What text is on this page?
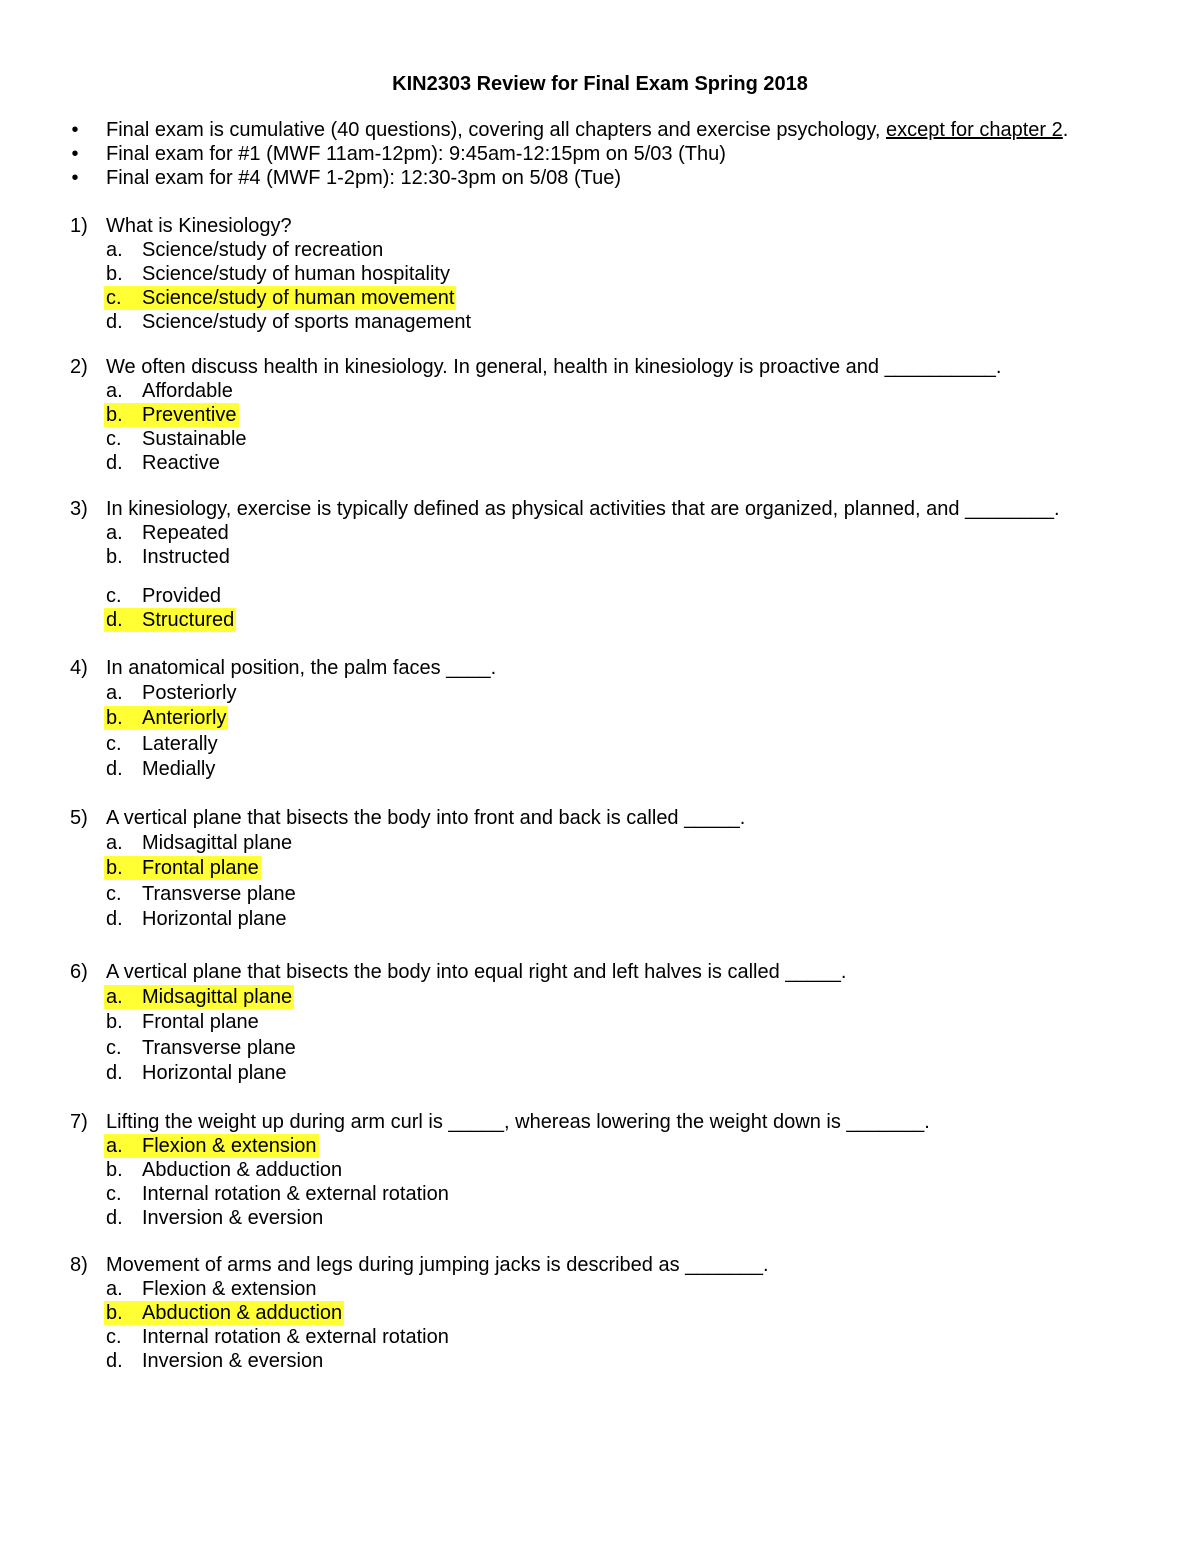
KIN2303 Review for Final Exam Spring 2018
• Final exam is cumulative (40 questions), covering all chapters and exercise psychology, except for chapter 2.
• Final exam for #1 (MWF 11am-12pm): 9:45am-12:15pm on 5/03 (Thu)
• Final exam for #4 (MWF 1-2pm): 12:30-3pm on 5/08 (Tue)
1) What is Kinesiology?
a. Science/study of recreation
b. Science/study of human hospitality
c. Science/study of human movement
d. Science/study of sports management
2) We often discuss health in kinesiology. In general, health in kinesiology is proactive and __________.
a. Affordable
b. Preventive
c. Sustainable
d. Reactive
3) In kinesiology, exercise is typically defined as physical activities that are organized, planned, and ________.
a. Repeated
b. Instructed
c. Provided
d. Structured
4) In anatomical position, the palm faces ____.
a. Posteriorly
b. Anteriorly
c. Laterally
d. Medially
5) A vertical plane that bisects the body into front and back is called _____.
a. Midsagittal plane
b. Frontal plane
c. Transverse plane
d. Horizontal plane
6) A vertical plane that bisects the body into equal right and left halves is called _____.
a. Midsagittal plane
b. Frontal plane
c. Transverse plane
d. Horizontal plane
7) Lifting the weight up during arm curl is _____, whereas lowering the weight down is _______.
a. Flexion & extension
b. Abduction & adduction
c. Internal rotation & external rotation
d. Inversion & eversion
8) Movement of arms and legs during jumping jacks is described as _______.
a. Flexion & extension
b. Abduction & adduction
c. Internal rotation & external rotation
d. Inversion & eversion
